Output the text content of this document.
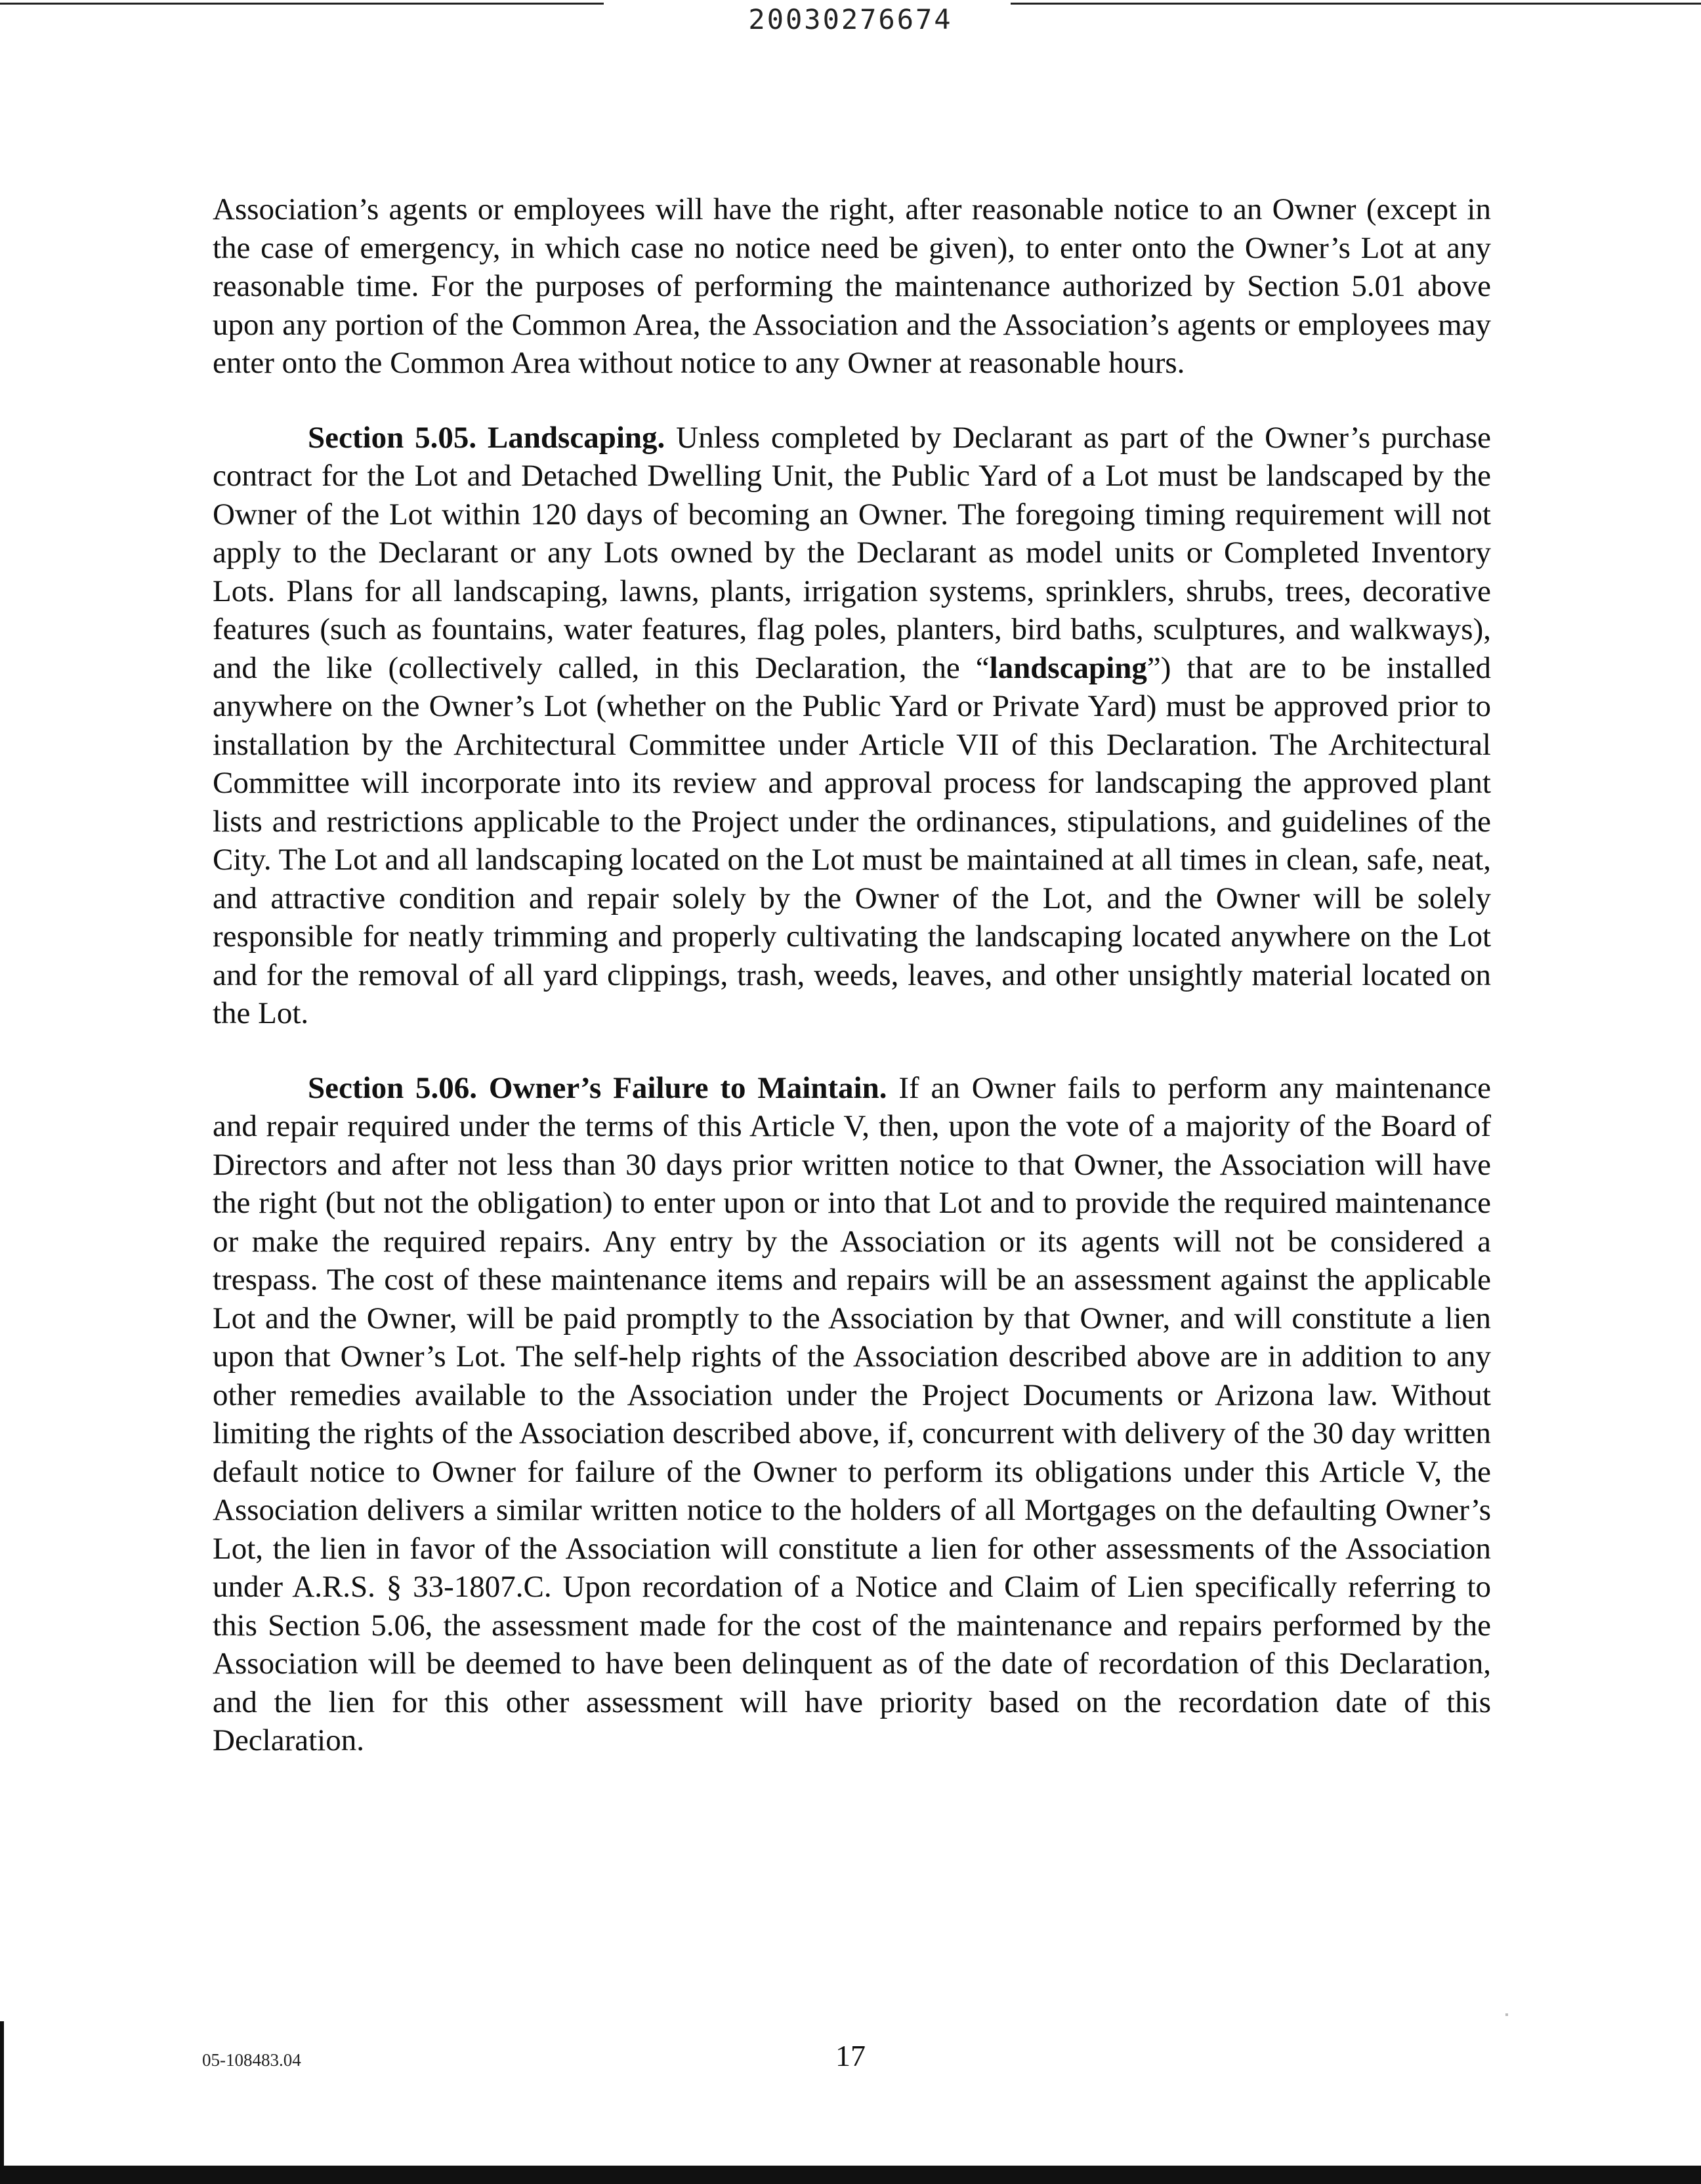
20030276674

Association’s agents or employees will have the right, after reasonable notice to an Owner (except in the case of emergency, in which case no notice need be given), to enter onto the Owner’s Lot at any reasonable time. For the purposes of performing the maintenance authorized by Section 5.01 above upon any portion of the Common Area, the Association and the Association’s agents or employees may enter onto the Common Area without notice to any Owner at reasonable hours.

Section 5.05. Landscaping. Unless completed by Declarant as part of the Owner’s purchase contract for the Lot and Detached Dwelling Unit, the Public Yard of a Lot must be landscaped by the Owner of the Lot within 120 days of becoming an Owner. The foregoing timing requirement will not apply to the Declarant or any Lots owned by the Declarant as model units or Completed Inventory Lots. Plans for all landscaping, lawns, plants, irrigation systems, sprinklers, shrubs, trees, decorative features (such as fountains, water features, flag poles, planters, bird baths, sculptures, and walkways), and the like (collectively called, in this Declaration, the “landscaping”) that are to be installed anywhere on the Owner’s Lot (whether on the Public Yard or Private Yard) must be approved prior to installation by the Architectural Committee under Article VII of this Declaration. The Architectural Committee will incorporate into its review and approval process for landscaping the approved plant lists and restrictions applicable to the Project under the ordinances, stipulations, and guidelines of the City. The Lot and all landscaping located on the Lot must be maintained at all times in clean, safe, neat, and attractive condition and repair solely by the Owner of the Lot, and the Owner will be solely responsible for neatly trimming and properly cultivating the landscaping located anywhere on the Lot and for the removal of all yard clippings, trash, weeds, leaves, and other unsightly material located on the Lot.

Section 5.06. Owner’s Failure to Maintain. If an Owner fails to perform any maintenance and repair required under the terms of this Article V, then, upon the vote of a majority of the Board of Directors and after not less than 30 days prior written notice to that Owner, the Association will have the right (but not the obligation) to enter upon or into that Lot and to provide the required maintenance or make the required repairs. Any entry by the Association or its agents will not be considered a trespass. The cost of these maintenance items and repairs will be an assessment against the applicable Lot and the Owner, will be paid promptly to the Association by that Owner, and will constitute a lien upon that Owner’s Lot. The self-help rights of the Association described above are in addition to any other remedies available to the Association under the Project Documents or Arizona law. Without limiting the rights of the Association described above, if, concurrent with delivery of the 30 day written default notice to Owner for failure of the Owner to perform its obligations under this Article V, the Association delivers a similar written notice to the holders of all Mortgages on the defaulting Owner’s Lot, the lien in favor of the Association will constitute a lien for other assessments of the Association under A.R.S. § 33-1807.C. Upon recordation of a Notice and Claim of Lien specifically referring to this Section 5.06, the assessment made for the cost of the maintenance and repairs performed by the Association will be deemed to have been delinquent as of the date of recordation of this Declaration, and the lien for this other assessment will have priority based on the recordation date of this Declaration.

05-108483.04	17
